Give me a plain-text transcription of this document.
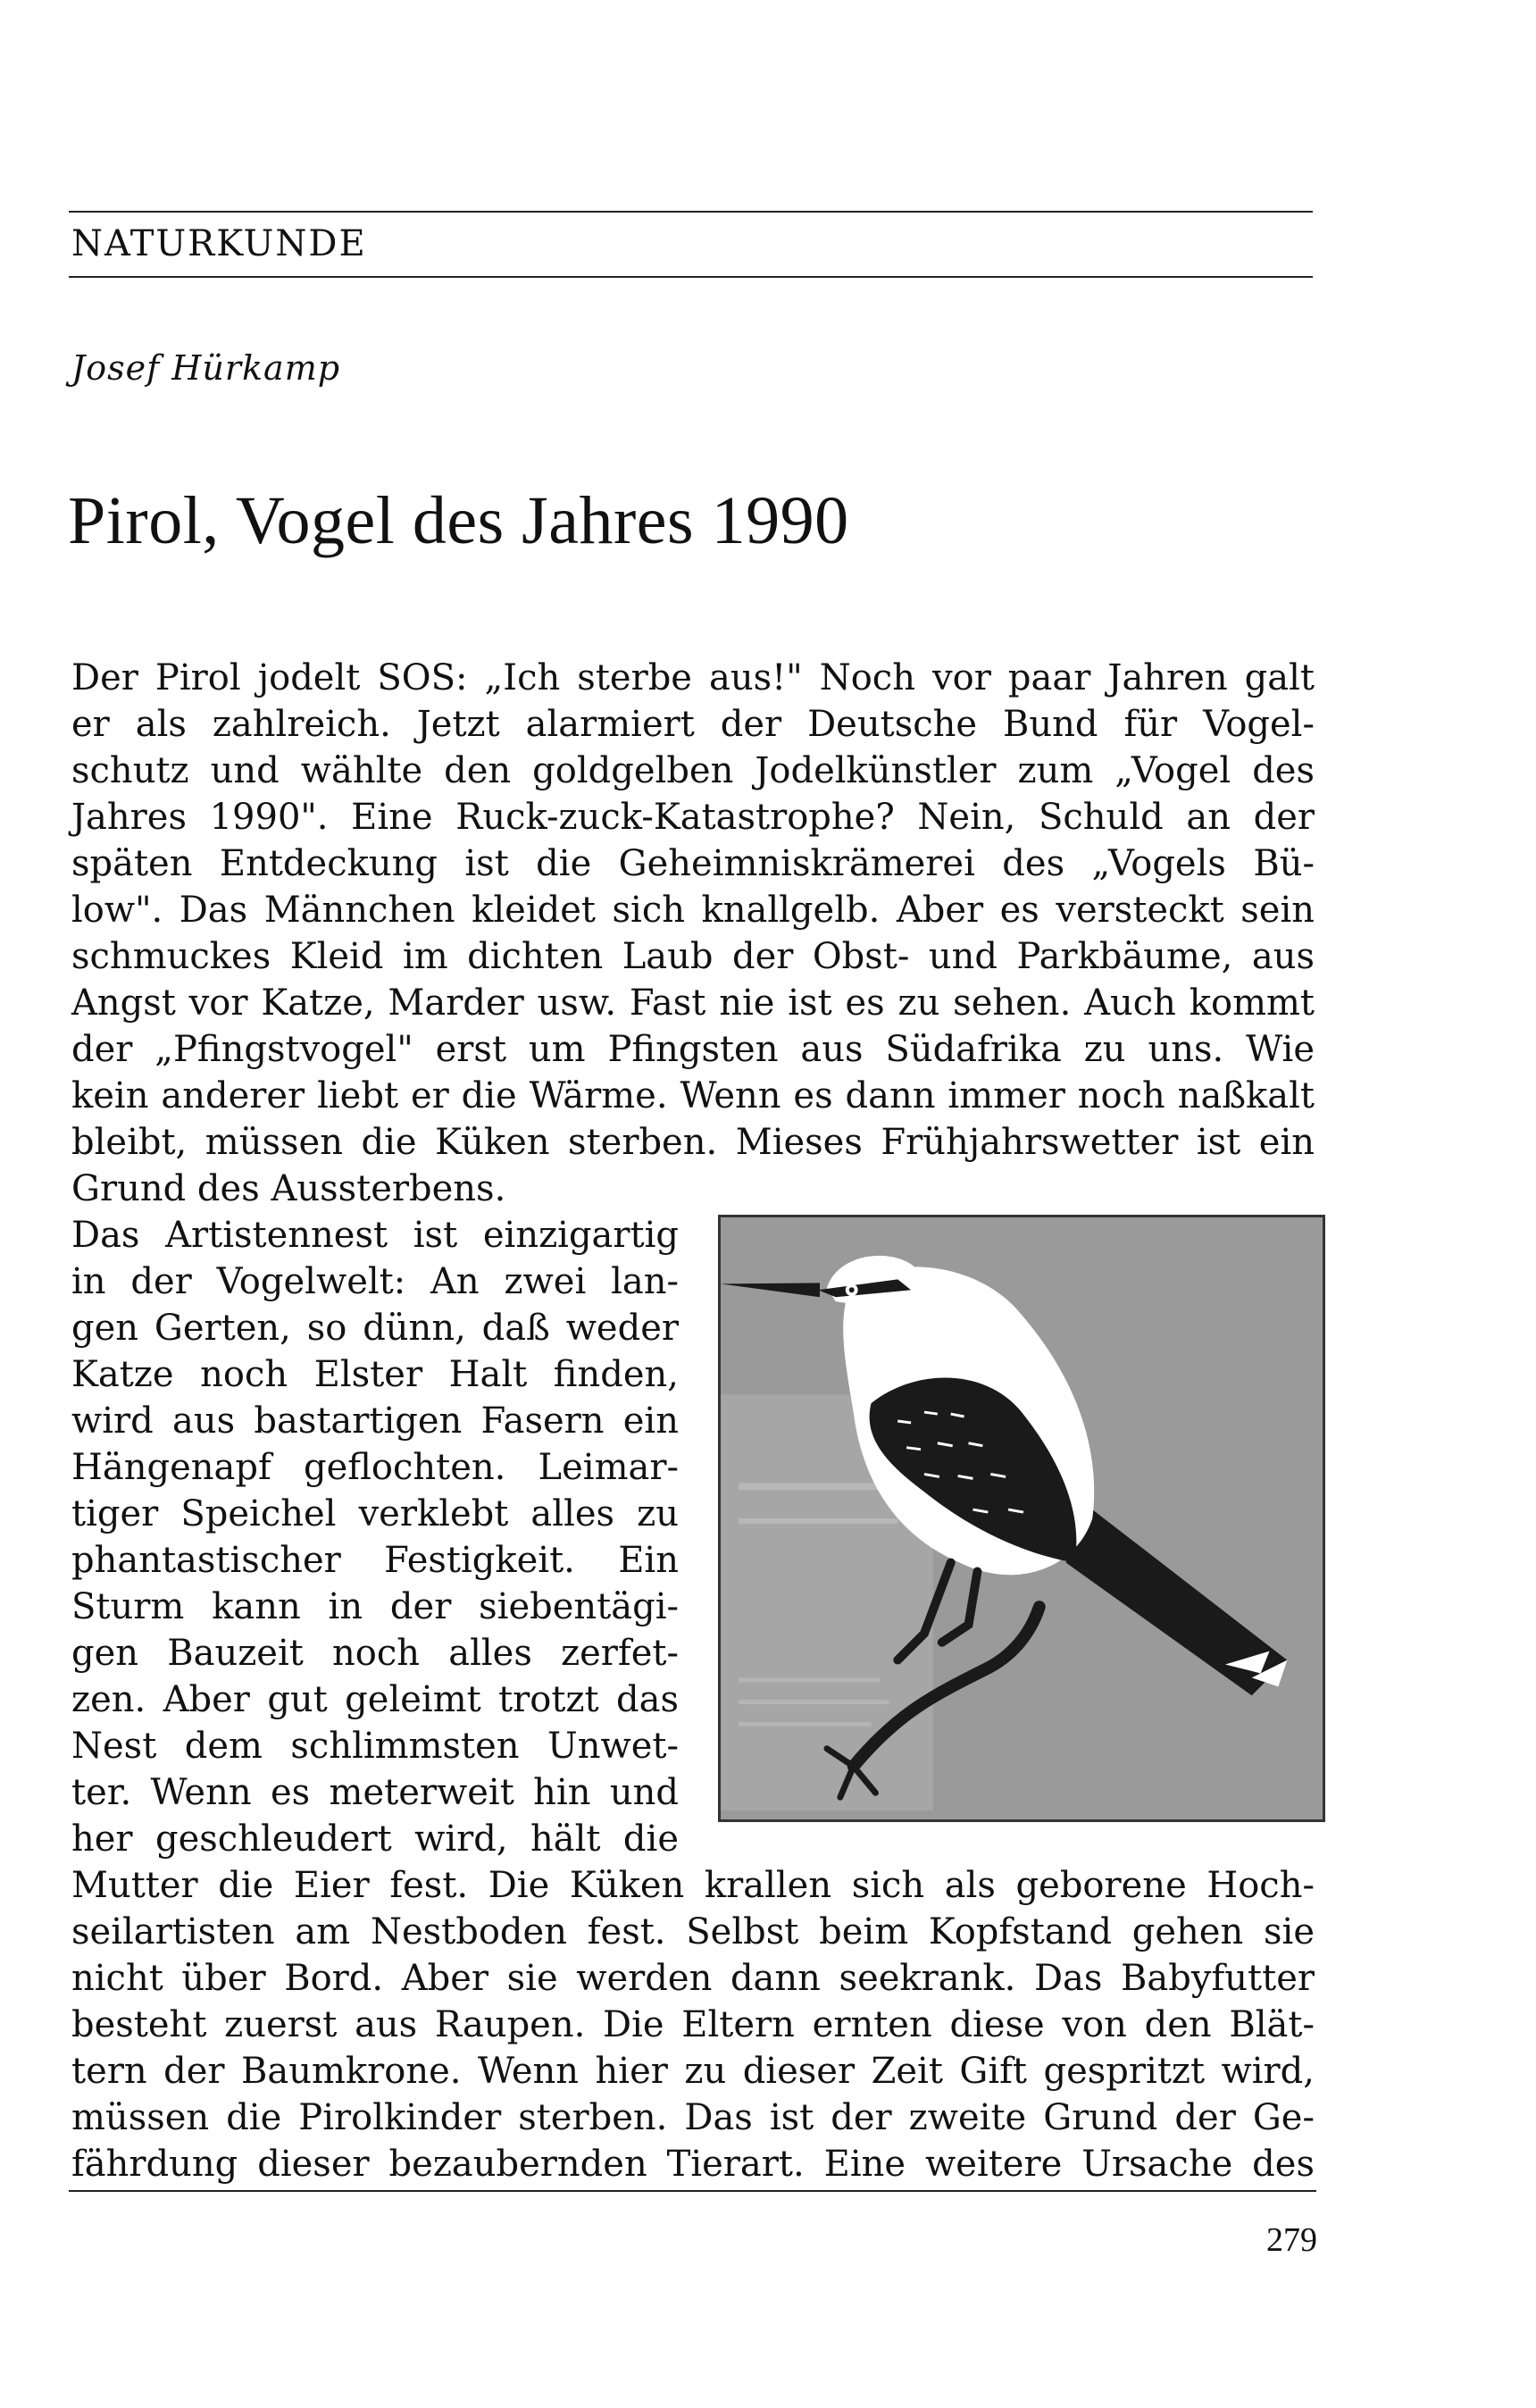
NATURKUNDE
Josef Hürkamp
Pirol, Vogel des Jahres 1990
Der Pirol jodelt SOS: „Ich sterbe aus!" Noch vor paar Jahren galt
er als zahlreich. Jetzt alarmiert der Deutsche Bund für Vogel-
schutz und wählte den goldgelben Jodelkünstler zum „Vogel des
Jahres 1990". Eine Ruck-zuck-Katastrophe? Nein, Schuld an der
späten Entdeckung ist die Geheimniskrämerei des „Vogels Bü-
low". Das Männchen kleidet sich knallgelb. Aber es versteckt sein
schmuckes Kleid im dichten Laub der Obst- und Parkbäume, aus
Angst vor Katze, Marder usw. Fast nie ist es zu sehen. Auch kommt
der „Pfingstvogel" erst um Pfingsten aus Südafrika zu uns. Wie
kein anderer liebt er die Wärme. Wenn es dann immer noch naßkalt
bleibt, müssen die Küken sterben. Mieses Frühjahrswetter ist ein
Grund des Aussterbens.
Das Artistennest ist einzigartig
in der Vogelwelt: An zwei lan-
gen Gerten, so dünn, daß weder
Katze noch Elster Halt finden,
wird aus bastartigen Fasern ein
Hängenapf geflochten. Leimar-
tiger Speichel verklebt alles zu
phantastischer Festigkeit. Ein
Sturm kann in der siebentägi-
gen Bauzeit noch alles zerfet-
zen. Aber gut geleimt trotzt das
Nest dem schlimmsten Unwet-
ter. Wenn es meterweit hin und
her geschleudert wird, hält die
Mutter die Eier fest. Die Küken krallen sich als geborene Hoch-
seilartisten am Nestboden fest. Selbst beim Kopfstand gehen sie
nicht über Bord. Aber sie werden dann seekrank. Das Babyfutter
besteht zuerst aus Raupen. Die Eltern ernten diese von den Blät-
tern der Baumkrone. Wenn hier zu dieser Zeit Gift gespritzt wird,
müssen die Pirolkinder sterben. Das ist der zweite Grund der Ge-
fährdung dieser bezaubernden Tierart. Eine weitere Ursache des
279
